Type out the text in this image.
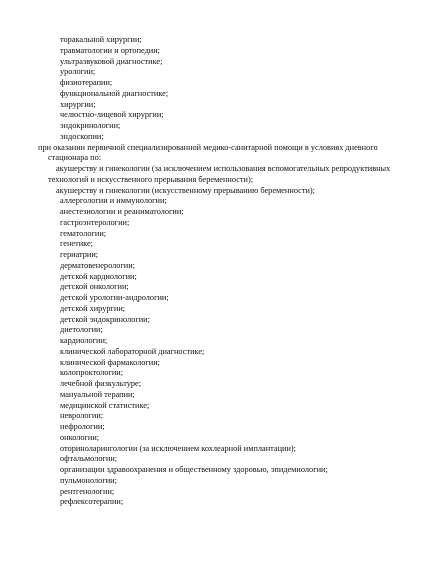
торакальной хирургии;
травматологии и ортопедии;
ультразвуковой диагностике;
урологии;
физиотерапии;
функциональной диагностике;
хирургии;
челюстно-лицевой хирургии;
эндокринологии;
эндоскопии;
при оказании первичной специализированной медико-санитарной помощи в условиях дневного
стационара по:
акушерству и гинекологии (за исключением использования вспомогательных репродуктивных
технологий и искусственного прерывания беременности);
акушерству и гинекологии (искусственному прерыванию беременности);
аллергологии и иммунологии;
анестезиологии и реаниматологии;
гастроэнтерологии;
гематологии;
генетике;
гериатрии;
дерматовенерологии;
детской кардиологии;
детской онкологии;
детской урологии-андрологии;
детской хирургии;
детской эндокринологии;
диетологии;
кардиологии;
клинической лабораторной диагностике;
клинической фармакологии;
колопроктологии;
лечебной физкультуре;
мануальной терапии;
медицинской статистике;
неврологии;
нефрологии;
онкологии;
оториноларингологии (за исключением кохлеарной имплантации);
офтальмологии;
организации здравоохранения и общественному здоровью, эпидемиологии;
пульмонологии;
рентгенологии;
рефлексотерапии;
